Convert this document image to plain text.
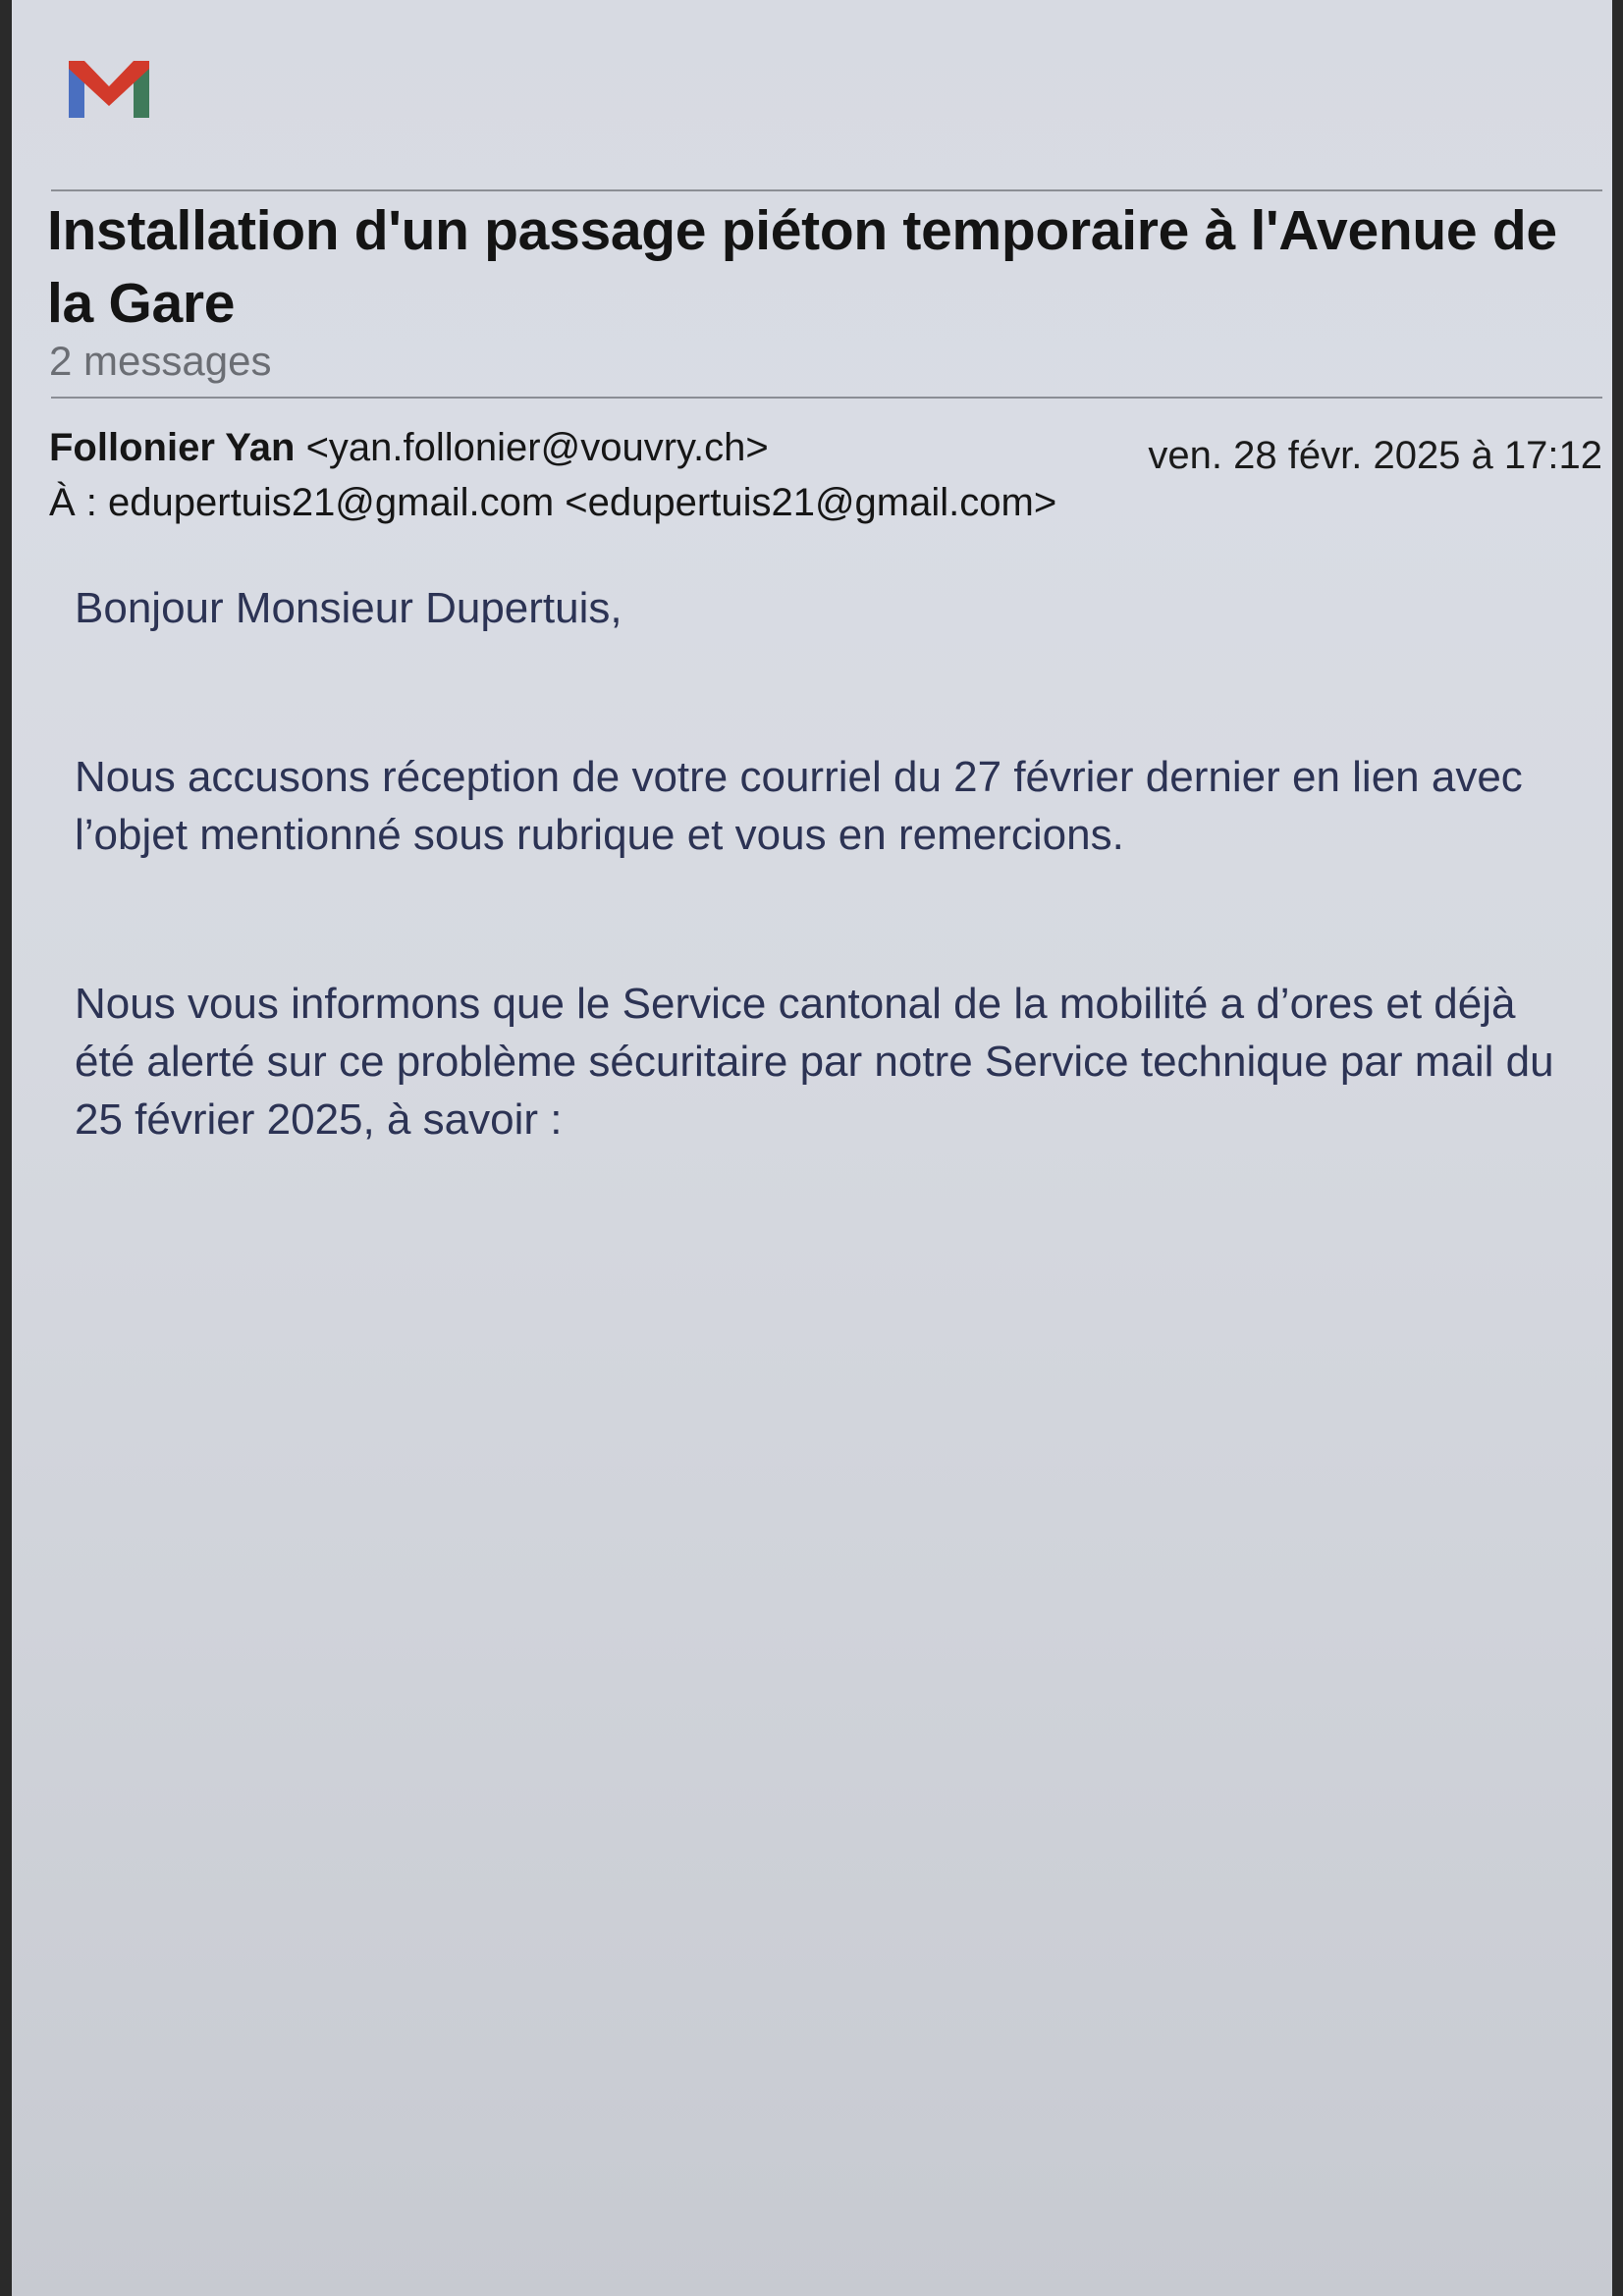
Installation d'un passage piéton temporaire à l'Avenue de la Gare
2 messages
Follonier Yan <yan.follonier@vouvry.ch>	ven. 28 févr. 2025 à 17:12
À : edupertuis21@gmail.com <edupertuis21@gmail.com>

Bonjour Monsieur Dupertuis,

Nous accusons réception de votre courriel du 27 février dernier en lien avec l’objet mentionné sous rubrique et vous en remercions.

Nous vous informons que le Service cantonal de la mobilité a d’ores et déjà été alerté sur ce problème sécuritaire par notre Service technique par mail du 25 février 2025, à savoir :
